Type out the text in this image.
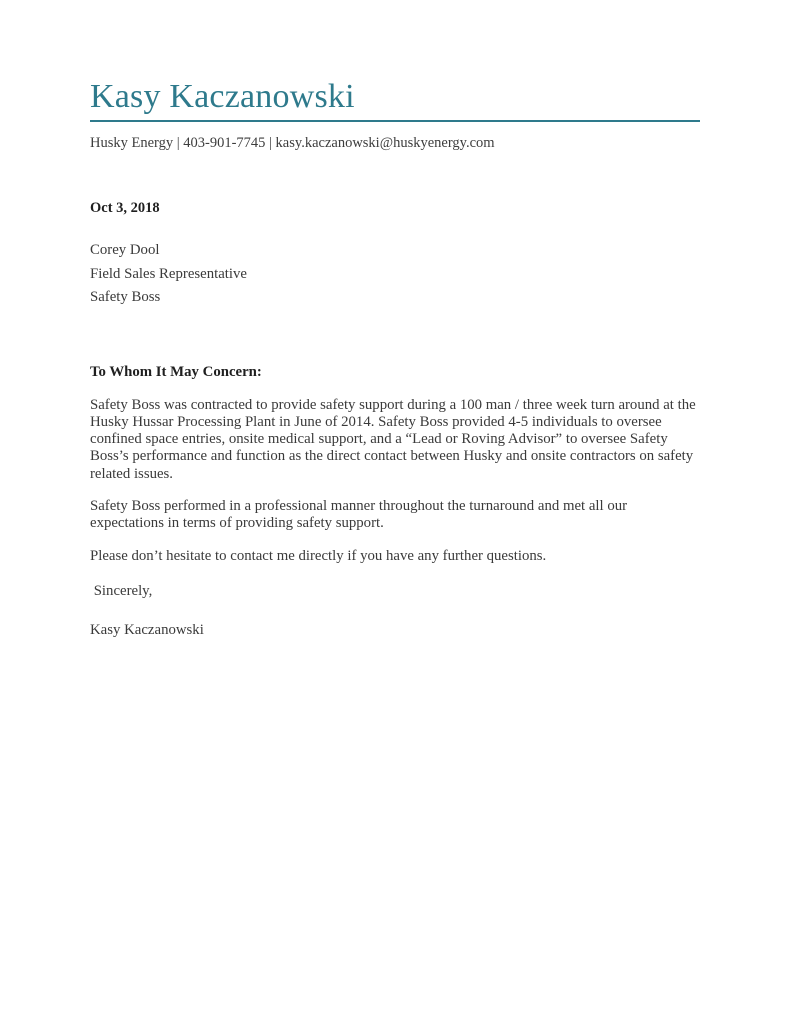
Kasy Kaczanowski

Husky Energy | 403-901-7745 | kasy.kaczanowski@huskyenergy.com

Oct 3, 2018

Corey Dool

Field Sales Representative

Safety Boss

To Whom It May Concern:

Safety Boss was contracted to provide safety support during a 100 man / three week turn around at the Husky Hussar Processing Plant in June of 2014. Safety Boss provided 4-5 individuals to oversee confined space entries, onsite medical support, and a “Lead or Roving Advisor” to oversee Safety Boss’s performance and function as the direct contact between Husky and onsite contractors on safety related issues.

Safety Boss performed in a professional manner throughout the turnaround and met all our expectations in terms of providing safety support.

Please don’t hesitate to contact me directly if you have any further questions.

Sincerely,

Kasy Kaczanowski
